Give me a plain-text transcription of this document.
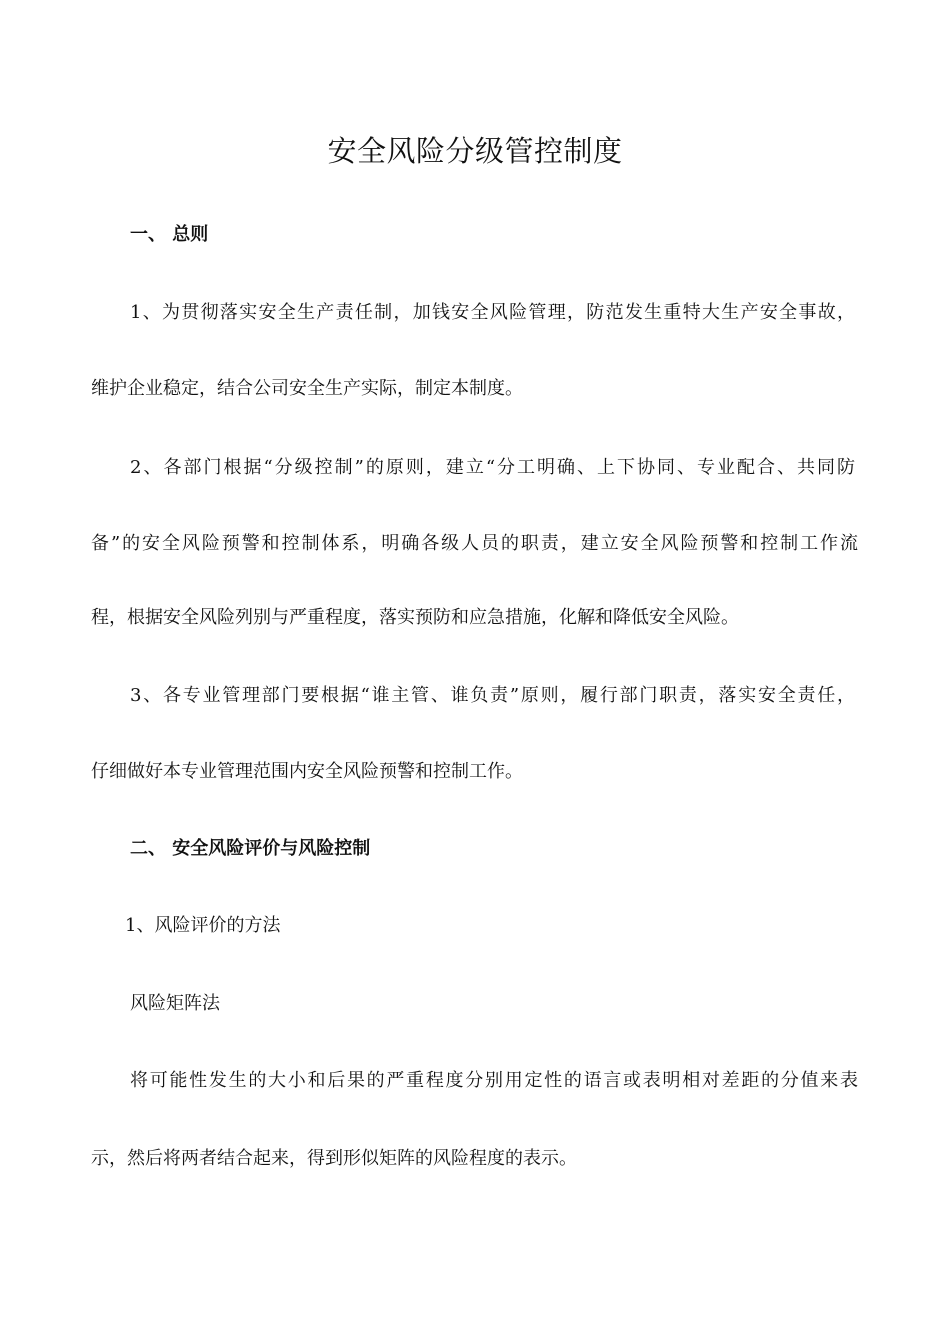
安全风险分级管控制度
一、 总则
1、为贯彻落实安全生产责任制，加钱安全风险管理，防范发生重特大生产安全事故，
维护企业稳定，结合公司安全生产实际，制定本制度。
2、各部门根据“分级控制”的原则，建立“分工明确、上下协同、专业配合、共同防
备”的安全风险预警和控制体系，明确各级人员的职责，建立安全风险预警和控制工作流
程，根据安全风险列别与严重程度，落实预防和应急措施，化解和降低安全风险。
3、各专业管理部门要根据“谁主管、谁负责”原则，履行部门职责，落实安全责任，
仔细做好本专业管理范围内安全风险预警和控制工作。
二、 安全风险评价与风险控制
1、风险评价的方法
风险矩阵法
将可能性发生的大小和后果的严重程度分别用定性的语言或表明相对差距的分值来表
示，然后将两者结合起来，得到形似矩阵的风险程度的表示。
